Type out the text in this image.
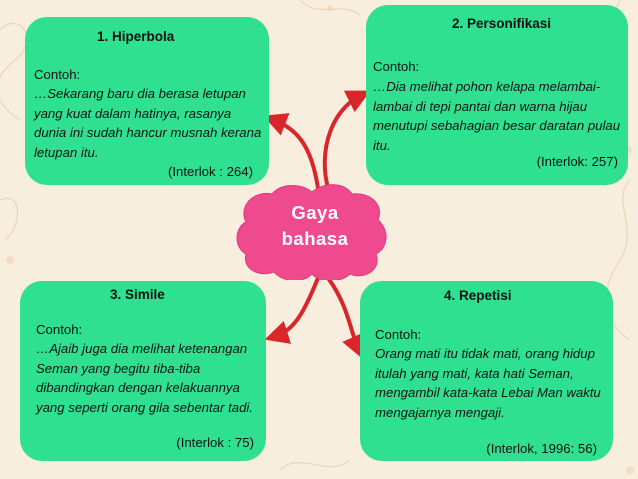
1. Hiperbola
Contoh:
…Sekarang baru dia berasa letupan yang kuat dalam hatinya, rasanya dunia ini sudah hancur musnah kerana letupan itu.
(Interlok : 264)
2. Personifikasi
Contoh:
…Dia melihat pohon kelapa melambai-lambai di tepi pantai dan warna hijau menutupi sebahagian besar daratan pulau itu.
(Interlok: 257)
3. Simile
Contoh:
…Ajaib juga dia melihat ketenangan Seman yang begitu tiba-tiba dibandingkan dengan kelakuannya yang seperti orang gila sebentar tadi.
(Interlok : 75)
4. Repetisi
Contoh:
Orang mati itu tidak mati, orang hidup itulah yang mati, kata hati Seman, mengambil kata-kata Lebai Man waktu mengajarnya mengaji.
(Interlok, 1996: 56)
Gaya
bahasa
